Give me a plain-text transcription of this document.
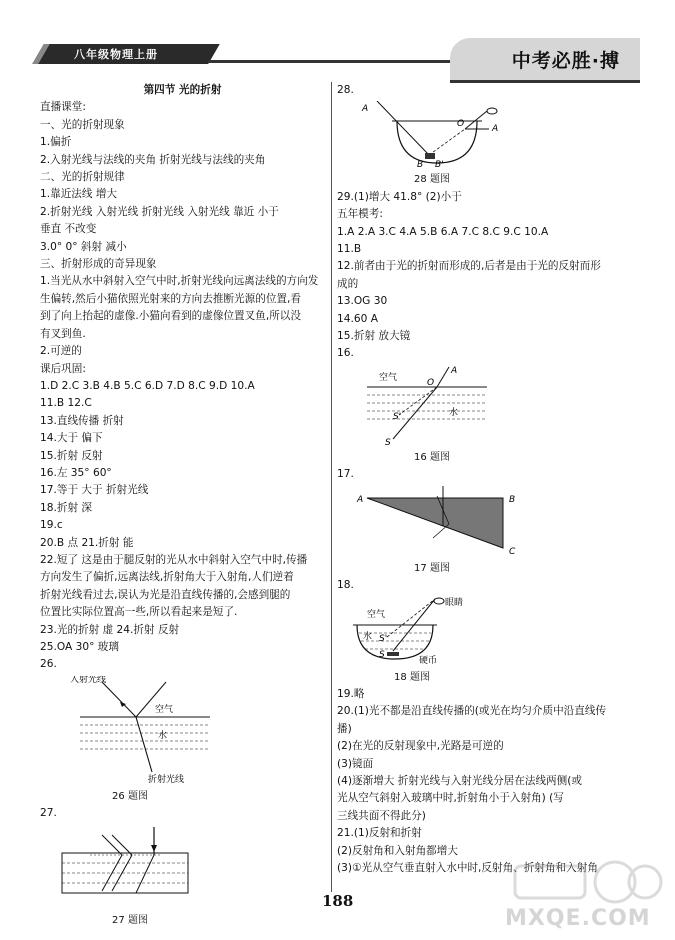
八年级物理上册	中考必胜·搏
第四节 光的折射
直播课堂:
一、光的折射现象
1.偏折
2.入射光线与法线的夹角 折射光线与法线的夹角
二、光的折射规律
1.靠近法线 增大
2.折射光线 入射光线 折射光线 入射光线 靠近 小于
垂直 不改变
3.0° 0° 斜射 减小
三、折射形成的奇异现象
1.当光从水中斜射入空气中时,折射光线向远离法线的方向发
生偏转,然后小猫依照光射来的方向去推断光源的位置,看
到了向上抬起的虚像.小猫向看到的虚像位置叉鱼,所以没
有叉到鱼.
2.可逆的
课后巩固:
1.D 2.C 3.B 4.B 5.C 6.D 7.D 8.C 9.D 10.A
11.B 12.C
13.直线传播 折射
14.大于 偏下
15.折射 反射
16.左 35° 60°
17.等于 大于 折射光线
18.折射 深
19.c
20.B 点 21.折射 能
22.短了 这是由于腿反射的光从水中斜射入空气中时,传播
方向发生了偏折,远离法线,折射角大于入射角,人们逆着
折射光线看过去,误认为光是沿直线传播的,会感到腿的
位置比实际位置高一些,所以看起来是短了.
23.光的折射 虚 24.折射 反射
25.OA 30° 玻璃
26.
入射光线
空气
水
折射光线
26 题图
27.
27 题图
28.
A
O	A
B B'
28 题图
29.(1)增大 41.8° (2)小于
五年模考:
1.A 2.A 3.C 4.A 5.B 6.A 7.C 8.C 9.C 10.A
11.B
12.前者由于光的折射而形成的,后者是由于光的反射而形
成的
13.OG 30
14.60 A
15.折射 放大镜
16.
空气
水
A
O
S'
S
16 题图
17.
A	B
C
17 题图
18.
眼睛
空气
水 S'
S
硬币
18 题图
19.略
20.(1)光不都是沿直线传播的(或光在均匀介质中沿直线传
播)
(2)在光的反射现象中,光路是可逆的
(3)镜面
(4)逐渐增大 折射光线与入射光线分居在法线两侧(或
光从空气斜射入玻璃中时,折射角小于入射角) (写
三线共面不得此分)
21.(1)反射和折射
(2)反射角和入射角都增大
(3)①光从空气垂直射入水中时,反射角、折射角和入射角
188
MXQE.COM
